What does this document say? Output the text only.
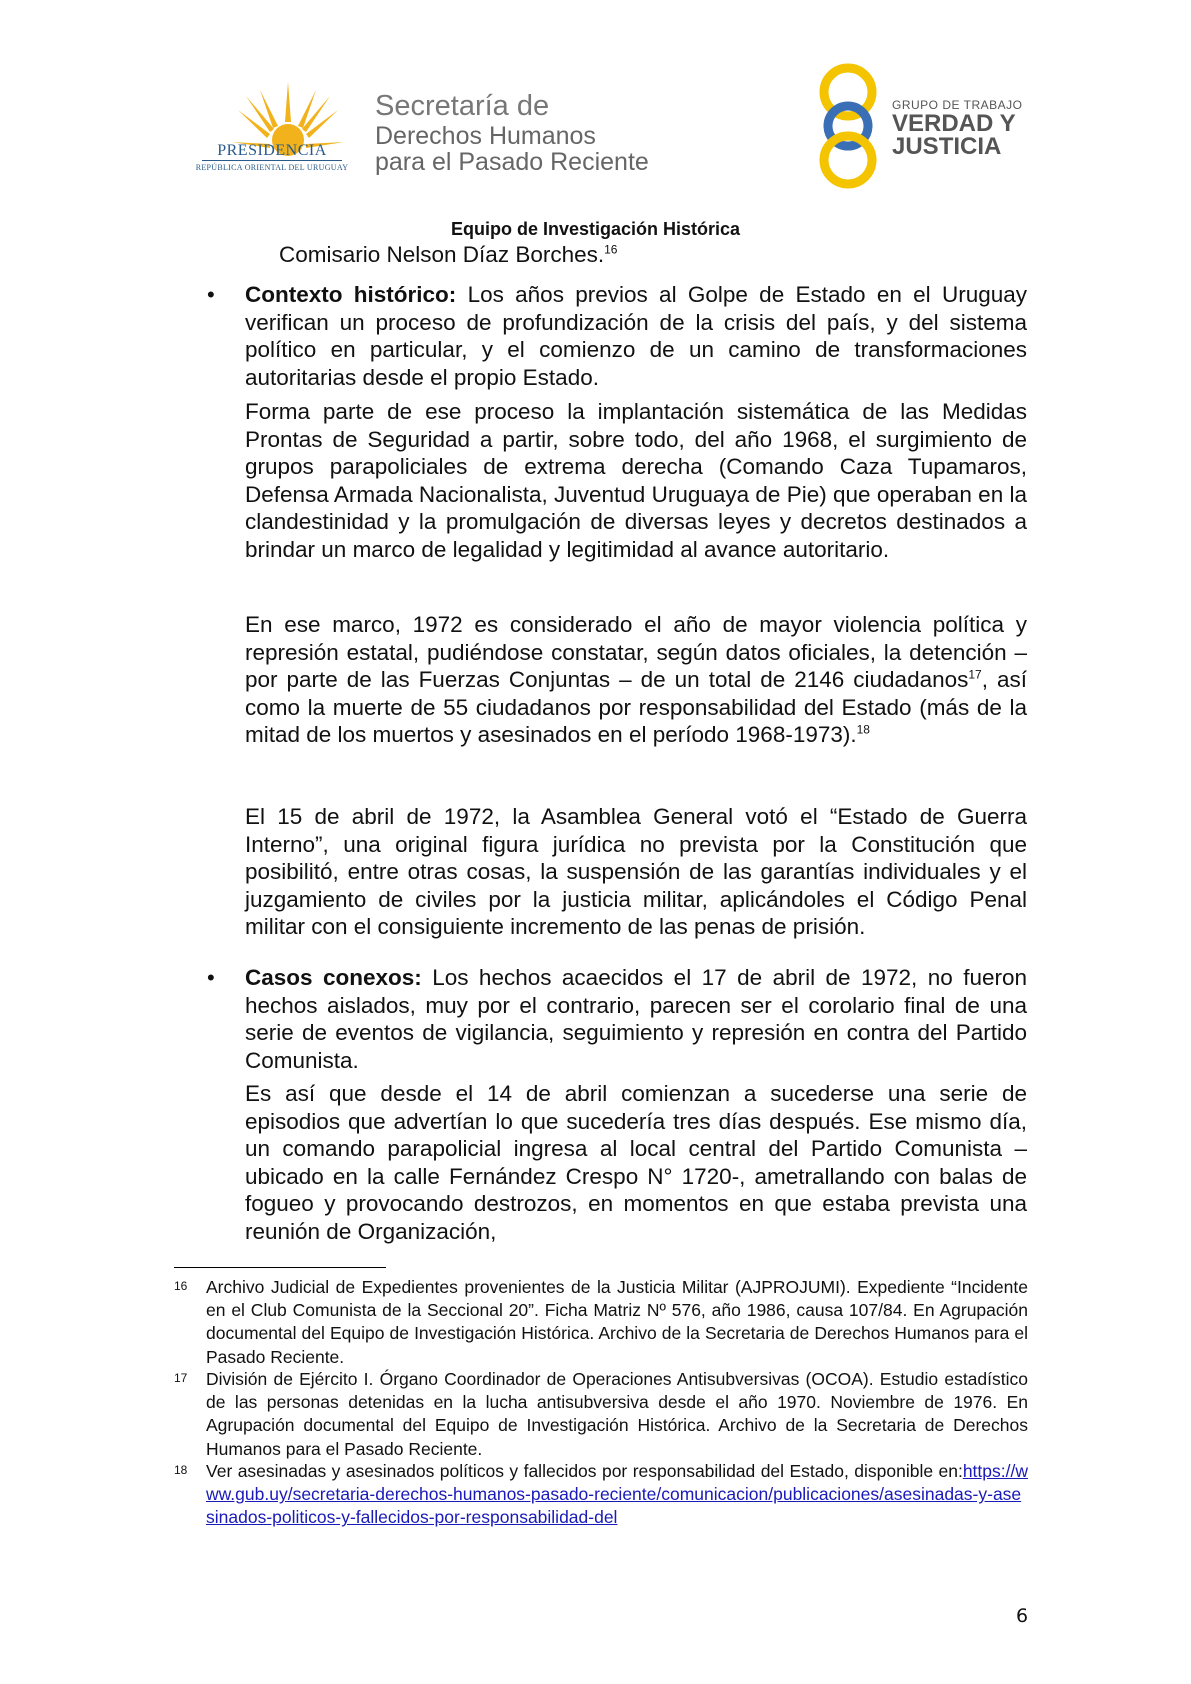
PRESIDENCIA
REPÚBLICA ORIENTAL DEL URUGUAY
Secretaría de
Derechos Humanos
para el Pasado Reciente
GRUPO DE TRABAJO
VERDAD Y
JUSTICIA
Equipo de Investigación Histórica
Comisario Nelson Díaz Borches.$^{16}$
• Contexto histórico: Los años previos al Golpe de Estado en el Uruguay verifican un proceso de profundización de la crisis del país, y del sistema político en particular, y el comienzo de un camino de transformaciones autoritarias desde el propio Estado.
Forma parte de ese proceso la implantación sistemática de las Medidas Prontas de Seguridad a partir, sobre todo, del año 1968, el surgimiento de grupos parapoliciales de extrema derecha (Comando Caza Tupamaros, Defensa Armada Nacionalista, Juventud Uruguaya de Pie) que operaban en la clandestinidad y la promulgación de diversas leyes y decretos destinados a brindar un marco de legalidad y legitimidad al avance autoritario.
En ese marco, 1972 es considerado el año de mayor violencia política y represión estatal, pudiéndose constatar, según datos oficiales, la detención – por parte de las Fuerzas Conjuntas – de un total de 2146 ciudadanos$^{17}$, así como la muerte de 55 ciudadanos por responsabilidad del Estado (más de la mitad de los muertos y asesinados en el período 1968-1973).$^{18}$
El 15 de abril de 1972, la Asamblea General votó el “Estado de Guerra Interno”, una original figura jurídica no prevista por la Constitución que posibilitó, entre otras cosas, la suspensión de las garantías individuales y el juzgamiento de civiles por la justicia militar, aplicándoles el Código Penal militar con el consiguiente incremento de las penas de prisión.
• Casos conexos: Los hechos acaecidos el 17 de abril de 1972, no fueron hechos aislados, muy por el contrario, parecen ser el corolario final de una serie de eventos de vigilancia, seguimiento y represión en contra del Partido Comunista.
Es así que desde el 14 de abril comienzan a sucederse una serie de episodios que advertían lo que sucedería tres días después. Ese mismo día, un comando parapolicial ingresa al local central del Partido Comunista –ubicado en la calle Fernández Crespo N° 1720-, ametrallando con balas de fogueo y provocando destrozos, en momentos en que estaba prevista una reunión de Organización,
16 Archivo Judicial de Expedientes provenientes de la Justicia Militar (AJPROJUMI). Expediente “Incidente en el Club Comunista de la Seccional 20”. Ficha Matriz Nº 576, año 1986, causa 107/84. En Agrupación documental del Equipo de Investigación Histórica. Archivo de la Secretaria de Derechos Humanos para el Pasado Reciente.
17 División de Ejército I. Órgano Coordinador de Operaciones Antisubversivas (OCOA). Estudio estadístico de las personas detenidas en la lucha antisubversiva desde el año 1970. Noviembre de 1976. En Agrupación documental del Equipo de Investigación Histórica. Archivo de la Secretaria de Derechos Humanos para el Pasado Reciente.
18 Ver asesinadas y asesinados políticos y fallecidos por responsabilidad del Estado, disponible en:https://www.gub.uy/secretaria-derechos-humanos-pasado-reciente/comunicacion/publicaciones/asesinadas-y-asesinados-politicos-y-fallecidos-por-responsabilidad-del
6
